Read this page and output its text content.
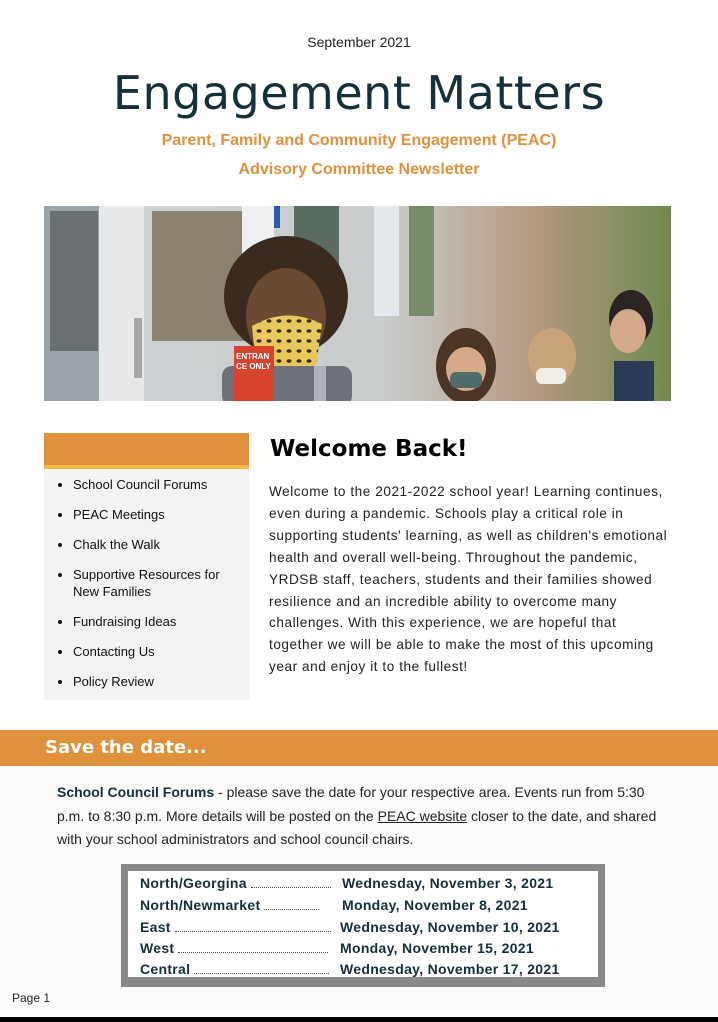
September 2021
Engagement Matters
Parent, Family and Community Engagement (PEAC)
Advisory Committee Newsletter
ENTRANCE ONLY
• School Council Forums
• PEAC Meetings
• Chalk the Walk
• Supportive Resources for New Families
• Fundraising Ideas
• Contacting Us
• Policy Review
Welcome Back!
Welcome to the 2021-2022 school year! Learning continues, even during a pandemic. Schools play a critical role in supporting students' learning, as well as children's emotional health and overall well-being. Throughout the pandemic, YRDSB staff, teachers, students and their families showed resilience and an incredible ability to overcome many challenges. With this experience, we are hopeful that together we will be able to make the most of this upcoming year and enjoy it to the fullest!
Save the date...
School Council Forums - please save the date for your respective area. Events run from 5:30 p.m. to 8:30 p.m. More details will be posted on the PEAC website closer to the date, and shared with your school administrators and school council chairs.
North/Georgina	Wednesday, November 3, 2021
North/Newmarket	Monday, November 8, 2021
East	Wednesday, November 10, 2021
West	Monday, November 15, 2021
Central	Wednesday, November 17, 2021
Page 1
